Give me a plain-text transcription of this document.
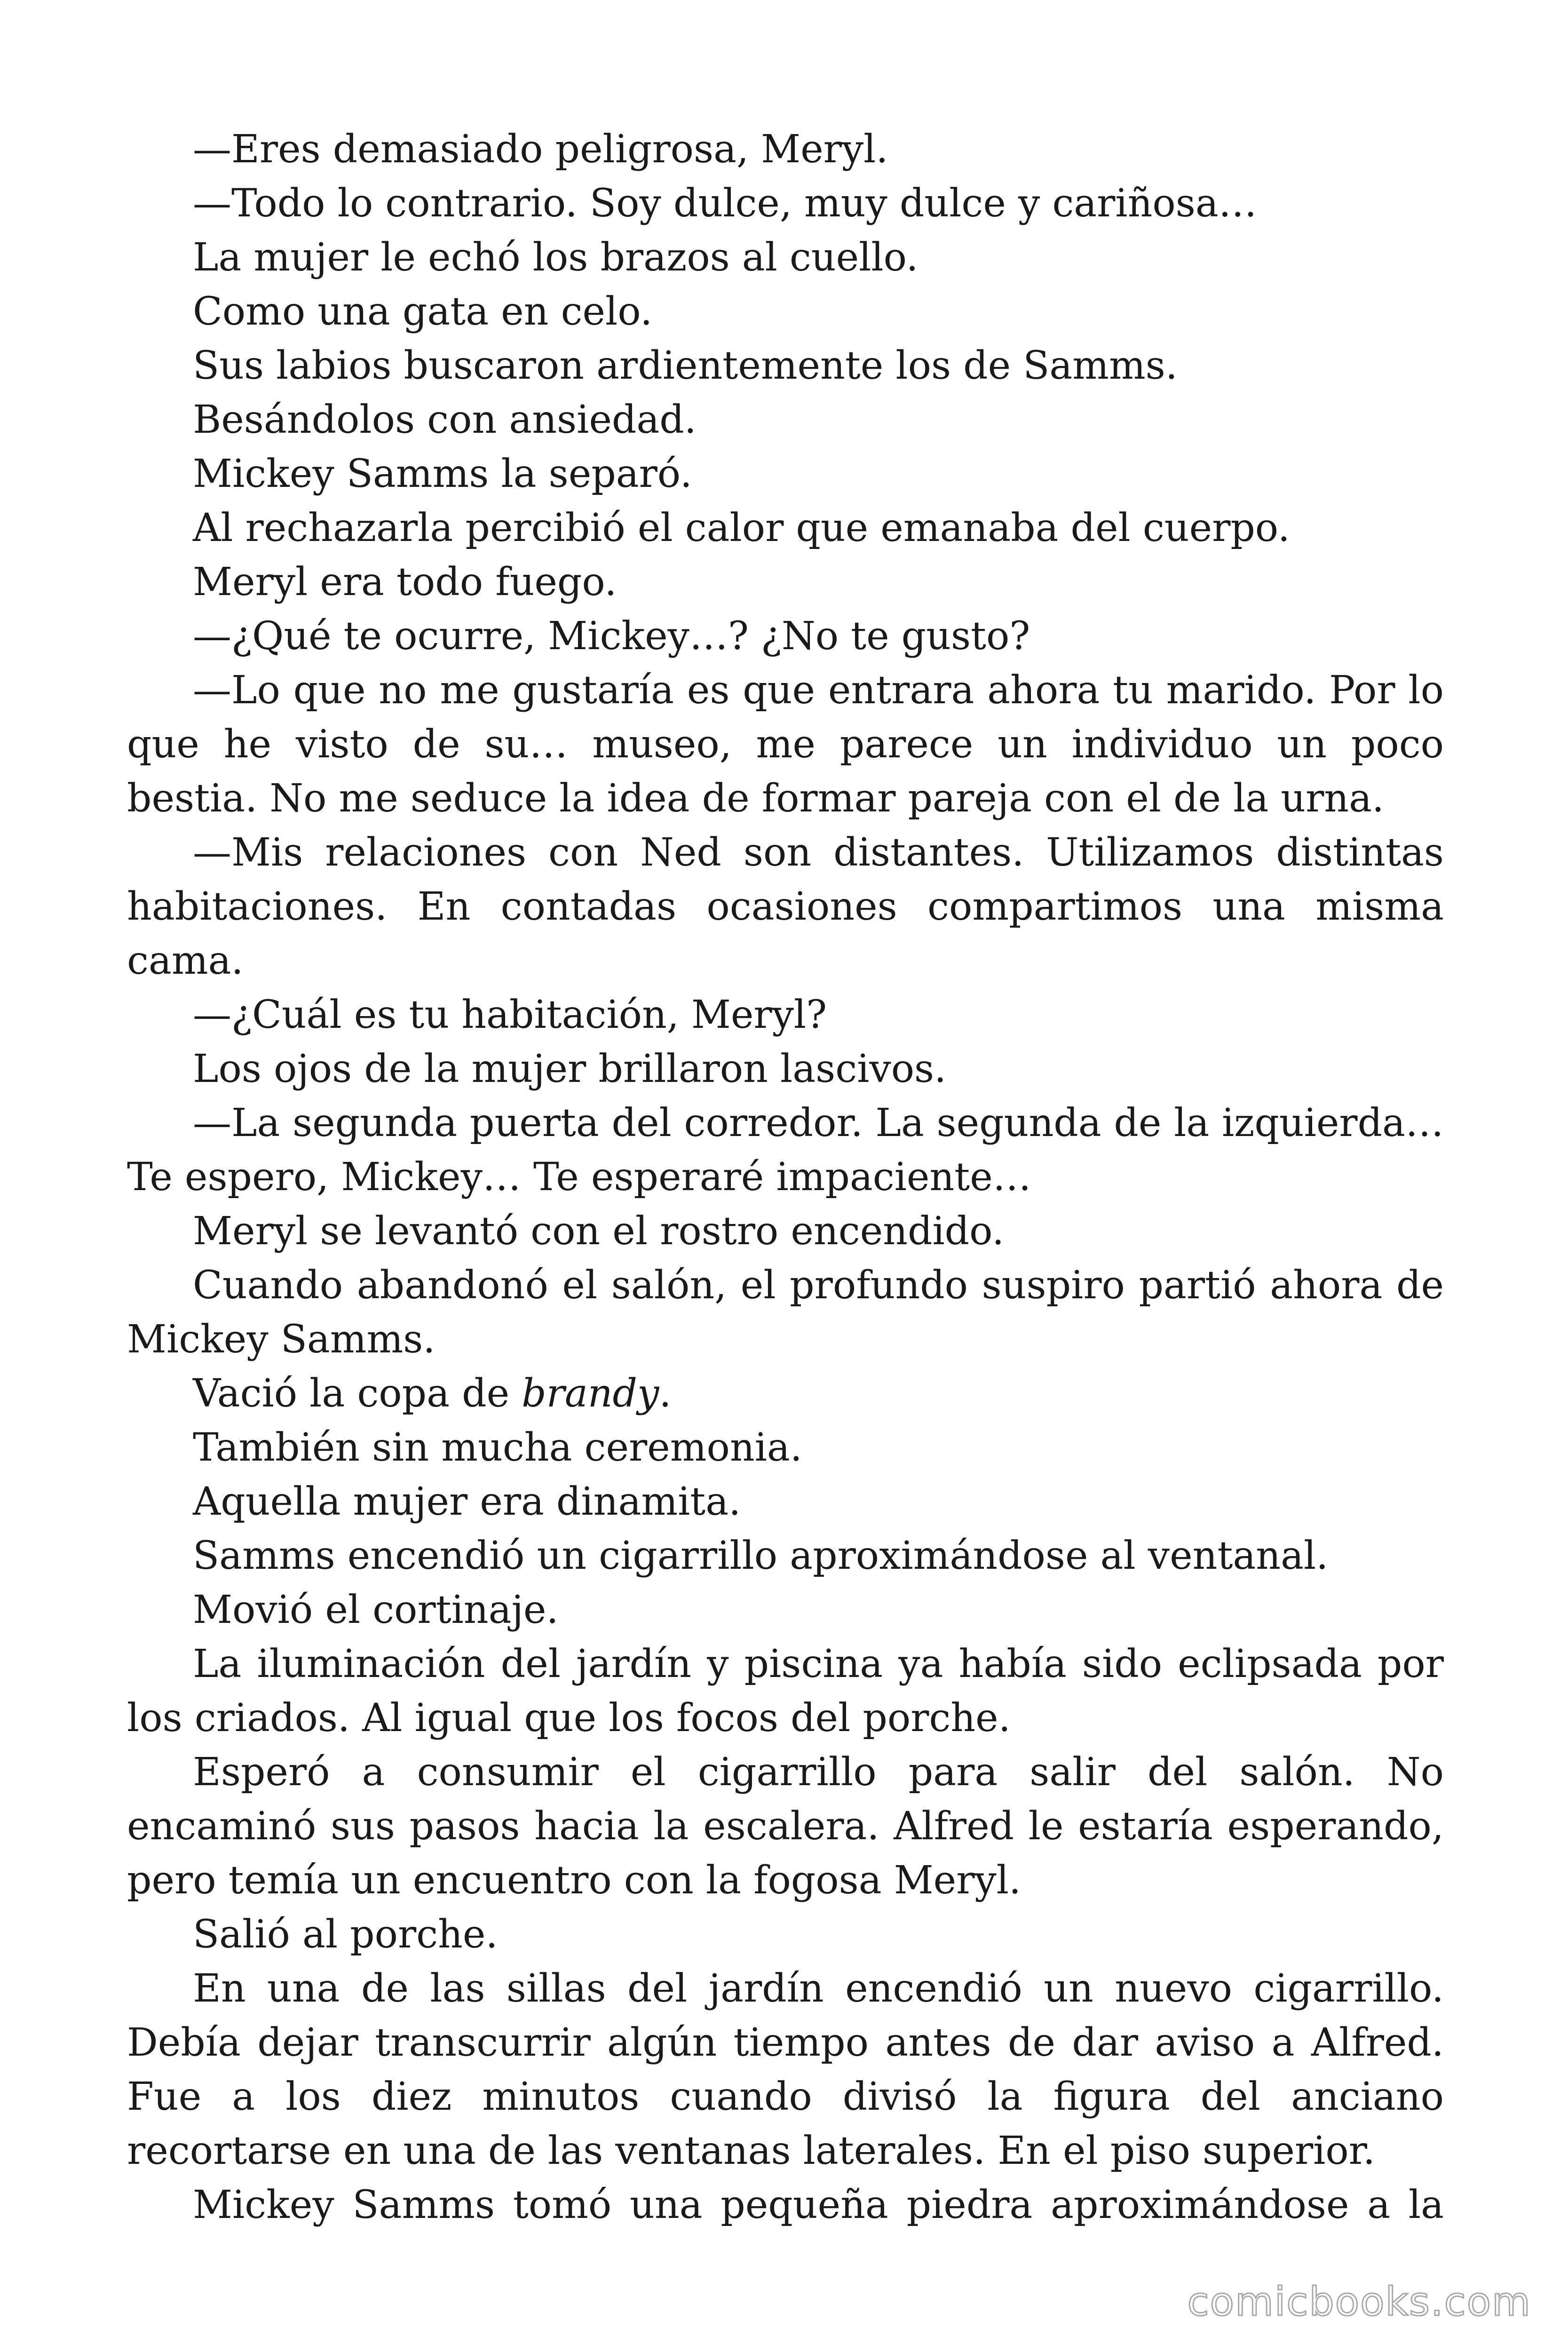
—Eres demasiado peligrosa, Meryl.

—Todo lo contrario. Soy dulce, muy dulce y cariñosa…

La mujer le echó los brazos al cuello.

Como una gata en celo.

Sus labios buscaron ardientemente los de Samms.

Besándolos con ansiedad.

Mickey Samms la separó.

Al rechazarla percibió el calor que emanaba del cuerpo.

Meryl era todo fuego.

—¿Qué te ocurre, Mickey…? ¿No te gusto?

—Lo que no me gustaría es que entrara ahora tu marido. Por lo que he visto de su… museo, me parece un individuo un poco bestia. No me seduce la idea de formar pareja con el de la urna.

—Mis relaciones con Ned son distantes. Utilizamos distintas habitaciones. En contadas ocasiones compartimos una misma cama.

—¿Cuál es tu habitación, Meryl?

Los ojos de la mujer brillaron lascivos.

—La segunda puerta del corredor. La segunda de la izquierda… Te espero, Mickey… Te esperaré impaciente…

Meryl se levantó con el rostro encendido.

Cuando abandonó el salón, el profundo suspiro partió ahora de Mickey Samms.

Vació la copa de brandy.

También sin mucha ceremonia.

Aquella mujer era dinamita.

Samms encendió un cigarrillo aproximándose al ventanal.

Movió el cortinaje.

La iluminación del jardín y piscina ya había sido eclipsada por los criados. Al igual que los focos del porche.

Esperó a consumir el cigarrillo para salir del salón. No encaminó sus pasos hacia la escalera. Alfred le estaría esperando, pero temía un encuentro con la fogosa Meryl.

Salió al porche.

En una de las sillas del jardín encendió un nuevo cigarrillo. Debía dejar transcurrir algún tiempo antes de dar aviso a Alfred. Fue a los diez minutos cuando divisó la figura del anciano recortarse en una de las ventanas laterales. En el piso superior.

Mickey Samms tomó una pequeña piedra aproximándose a la

comicbooks.com
